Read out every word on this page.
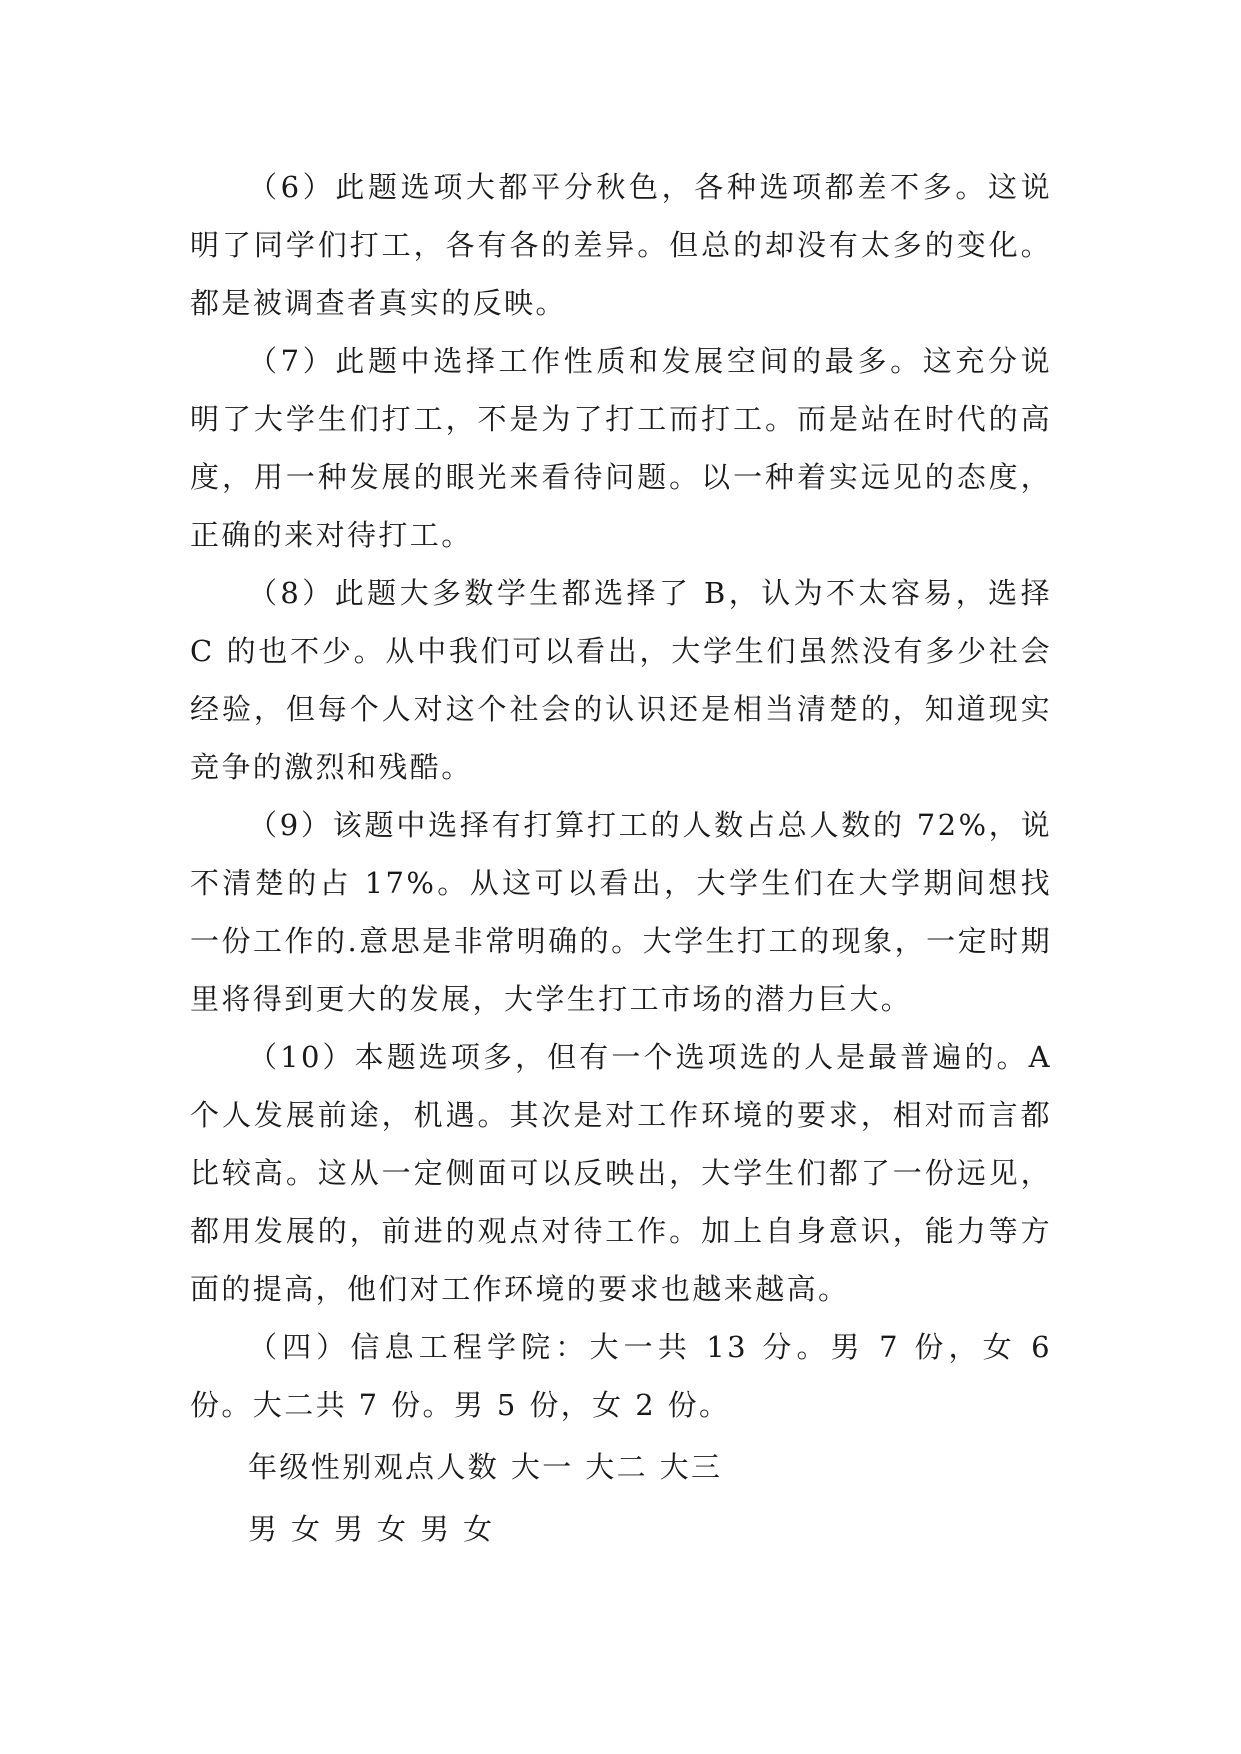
（6）此题选项大都平分秋色，各种选项都差不多。这说明了同学们打工，各有各的差异。但总的却没有太多的变化。都是被调查者真实的反映。

（7）此题中选择工作性质和发展空间的最多。这充分说明了大学生们打工，不是为了打工而打工。而是站在时代的高度，用一种发展的眼光来看待问题。以一种着实远见的态度，正确的来对待打工。

（8）此题大多数学生都选择了 B，认为不太容易，选择 C 的也不少。从中我们可以看出，大学生们虽然没有多少社会经验，但每个人对这个社会的认识还是相当清楚的，知道现实竞争的激烈和残酷。

（9）该题中选择有打算打工的人数占总人数的 72%，说不清楚的占 17%。从这可以看出，大学生们在大学期间想找一份工作的.意思是非常明确的。大学生打工的现象，一定时期里将得到更大的发展，大学生打工市场的潜力巨大。

（10）本题选项多，但有一个选项选的人是最普遍的。A 个人发展前途，机遇。其次是对工作环境的要求，相对而言都比较高。这从一定侧面可以反映出，大学生们都了一份远见，都用发展的，前进的观点对待工作。加上自身意识，能力等方面的提高，他们对工作环境的要求也越来越高。

（四）信息工程学院：大一共 13 分。男 7 份，女 6 份。大二共 7 份。男 5 份，女 2 份。

年级性别观点人数 大一 大二 大三

男 女 男 女 男 女
